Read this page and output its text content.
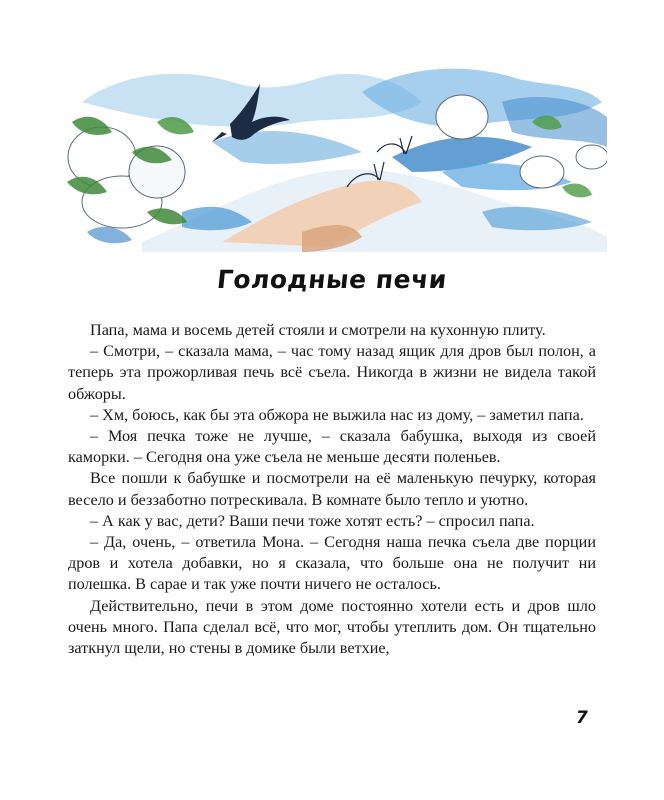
Голодные печи

Папа, мама и восемь детей стояли и смотрели на кухонную плиту.

– Смотри, – сказала мама, – час тому назад ящик для дров был полон, а теперь эта прожорливая печь всё съела. Никогда в жизни не видела такой обжоры.

– Хм, боюсь, как бы эта обжора не выжила нас из дому, – заметил папа.

– Моя печка тоже не лучше, – сказала бабушка, выходя из своей каморки. – Сегодня она уже съела не меньше десяти поленьев.

Все пошли к бабушке и посмотрели на её маленькую печурку, которая весело и беззаботно потрескивала. В комнате было тепло и уютно.

– А как у вас, дети? Ваши печи тоже хотят есть? – спросил папа.

– Да, очень, – ответила Мона. – Сегодня наша печка съела две порции дров и хотела добавки, но я сказала, что больше она не получит ни полешка. В сарае и так уже почти ничего не осталось.

Действительно, печи в этом доме постоянно хотели есть и дров шло очень много. Папа сделал всё, что мог, чтобы утеплить дом. Он тщательно заткнул щели, но стены в домике были ветхие,

7
